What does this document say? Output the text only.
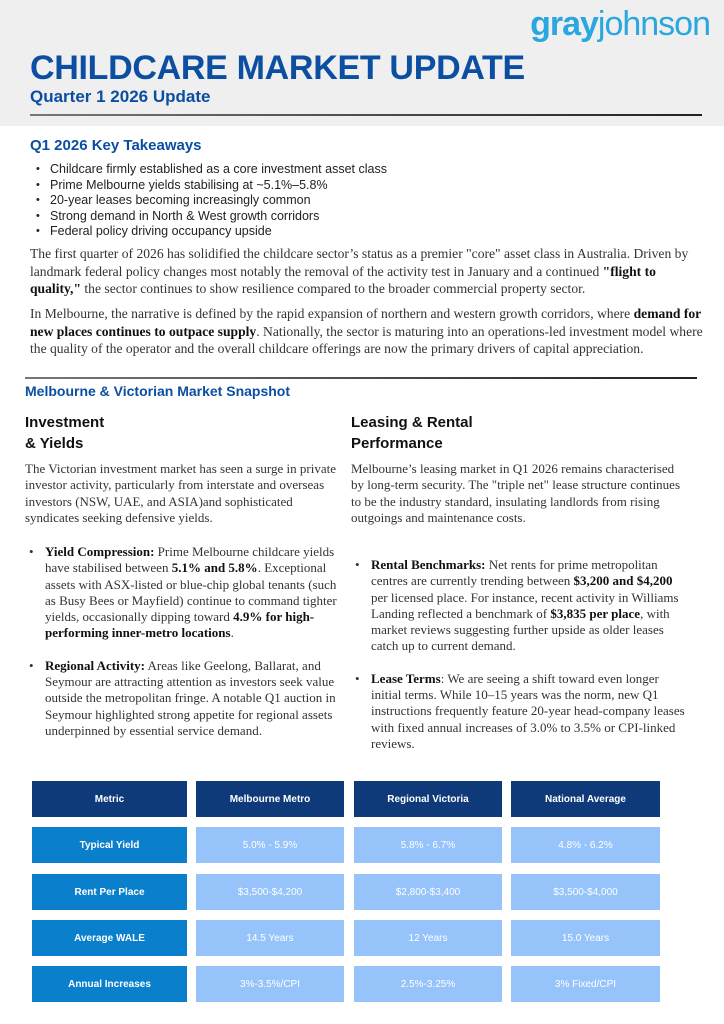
grayjohnson
CHILDCARE MARKET UPDATE
Quarter 1 2026 Update
Q1 2026 Key Takeaways
• Childcare firmly established as a core investment asset class
• Prime Melbourne yields stabilising at ~5.1%–5.8%
• 20-year leases becoming increasingly common
• Strong demand in North & West growth corridors
• Federal policy driving occupancy upside

The first quarter of 2026 has solidified the childcare sector’s status as a premier "core" asset class in Australia. Driven by landmark federal policy changes most notably the removal of the activity test in January and a continued "flight to quality," the sector continues to show resilience compared to the broader commercial property sector.

In Melbourne, the narrative is defined by the rapid expansion of northern and western growth corridors, where demand for new places continues to outpace supply. Nationally, the sector is maturing into an operations-led investment model where the quality of the operator and the overall childcare offerings are now the primary drivers of capital appreciation.

Melbourne & Victorian Market Snapshot
Investment
& Yields

The Victorian investment market has seen a surge in private investor activity, particularly from interstate and overseas investors (NSW, UAE, and ASIA)and sophisticated syndicates seeking defensive yields.

• Yield Compression: Prime Melbourne childcare yields have stabilised between 5.1% and 5.8%. Exceptional assets with ASX-listed or blue-chip global tenants (such as Busy Bees or Mayfield) continue to command tighter yields, occasionally dipping toward 4.9% for high-performing inner-metro locations.
• Regional Activity: Areas like Geelong, Ballarat, and Seymour are attracting attention as investors seek value outside the metropolitan fringe. A notable Q1 auction in Seymour highlighted strong appetite for regional assets underpinned by essential service demand.
Leasing & Rental
Performance

Melbourne’s leasing market in Q1 2026 remains characterised by long-term security. The "triple net" lease structure continues to be the industry standard, insulating landlords from rising outgoings and maintenance costs.

• Rental Benchmarks: Net rents for prime metropolitan centres are currently trending between $3,200 and $4,200 per licensed place. For instance, recent activity in Williams Landing reflected a benchmark of $3,835 per place, with market reviews suggesting further upside as older leases catch up to current demand.
• Lease Terms: We are seeing a shift toward even longer initial terms. While 10–15 years was the norm, new Q1 instructions frequently feature 20-year head-company leases with fixed annual increases of 3.0% to 3.5% or CPI-linked reviews.
Metric	Melbourne Metro	Regional Victoria	National Average
Typical Yield	5.0% - 5.9%	5.8% - 6.7%	4.8% - 6.2%
Rent Per Place	$3,500-$4,200	$2,800-$3,400	$3,500-$4,000
Average WALE	14.5 Years	12 Years	15.0 Years
Annual Increases	3%-3.5%/CPI	2.5%-3.25%	3% Fixed/CPI
